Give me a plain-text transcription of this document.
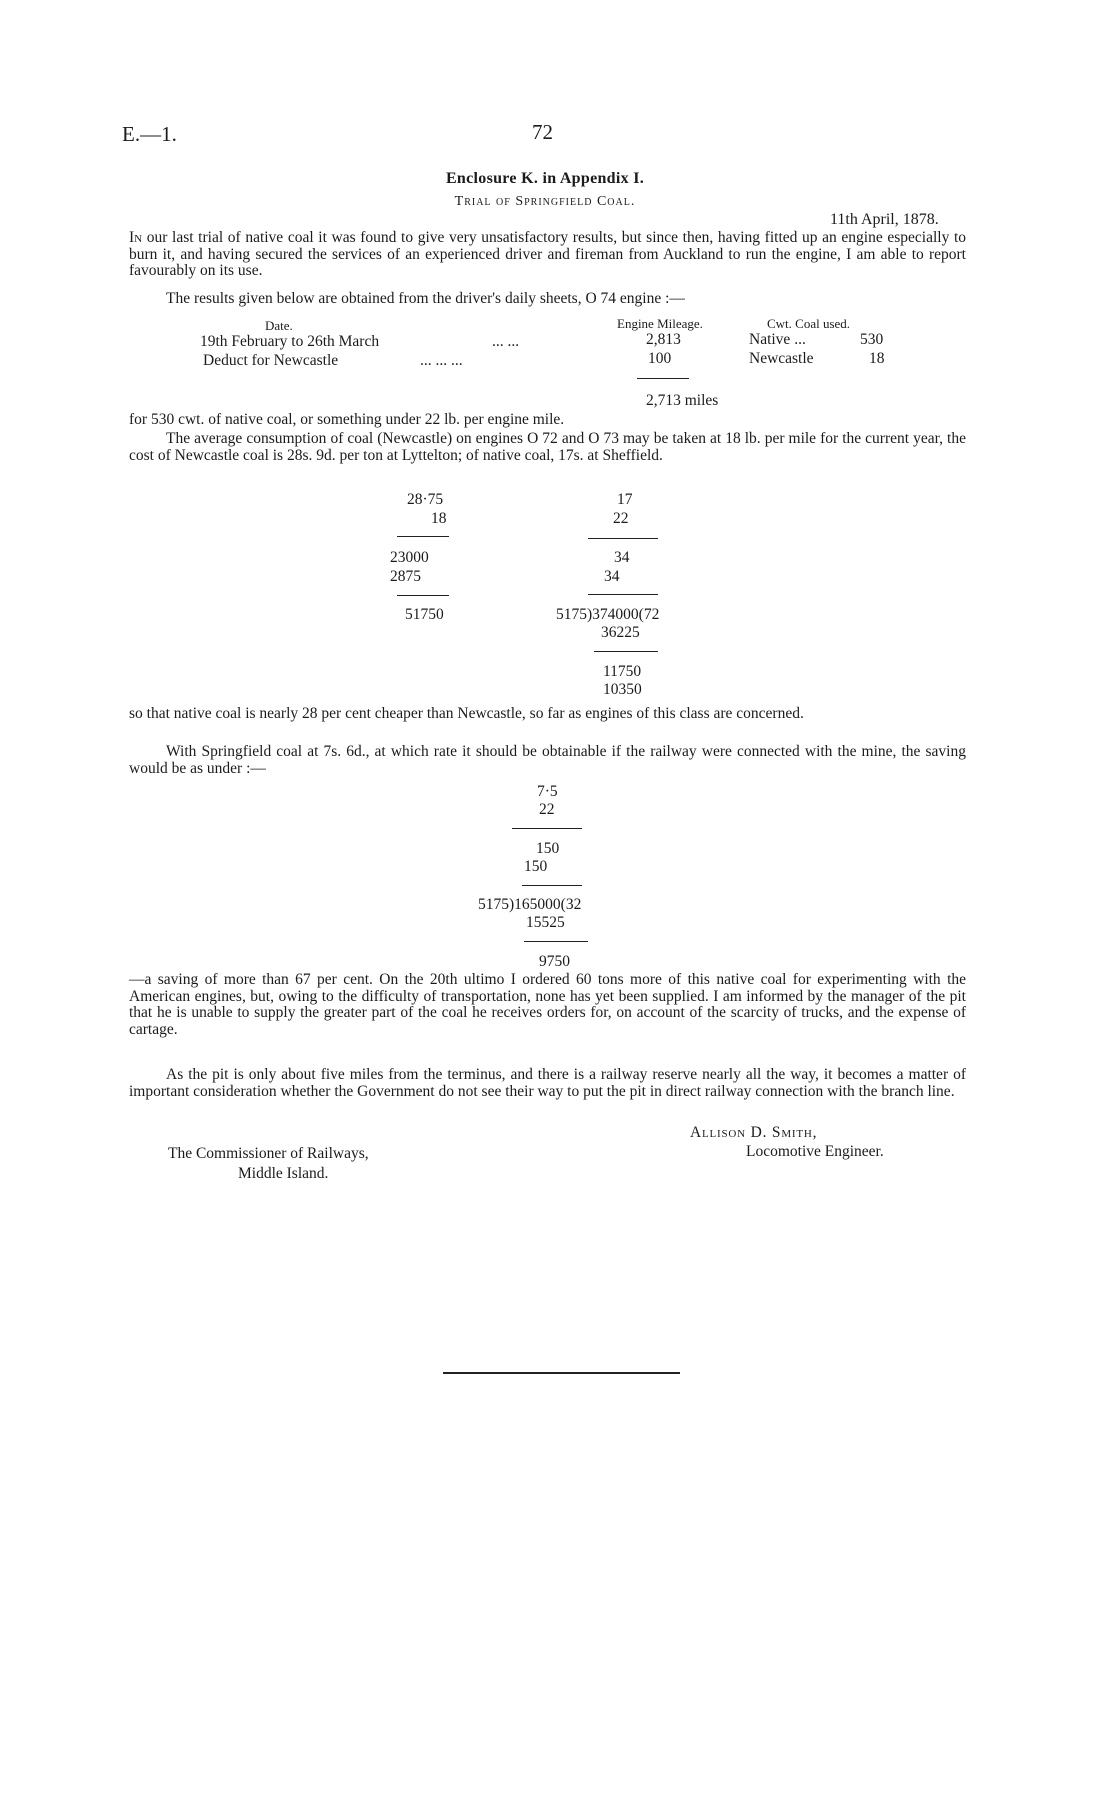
E.—1.	72
Enclosure K. in Appendix I.
Trial of Springfield Coal.
11th April, 1878.
In our last trial of native coal it was found to give very unsatisfactory results, but since then, having fitted up an engine especially to burn it, and having secured the services of an experienced driver and fireman from Auckland to run the engine, I am able to report favourably on its use.
The results given below are obtained from the driver's daily sheets, O 74 engine :—
Date.	Engine Mileage.	Cwt. Coal used.
19th February to 26th March	... ...	2,813	Native ...	530
Deduct for Newcastle	... ... ...	100	Newcastle	18
2,713 miles
for 530 cwt. of native coal, or something under 22 lb. per engine mile.
The average consumption of coal (Newcastle) on engines O 72 and O 73 may be taken at 18 lb. per mile for the current year, the cost of Newcastle coal is 28s. 9d. per ton at Lyttelton; of native coal, 17s. at Sheffield.
28·75
18
23000
2875
51750
17
22
34
34
5175)374000(72
36225
11750
10350
so that native coal is nearly 28 per cent cheaper than Newcastle, so far as engines of this class are concerned.
With Springfield coal at 7s. 6d., at which rate it should be obtainable if the railway were connected with the mine, the saving would be as under :—
7·5
22
150
150
5175)165000(32
15525
9750
—a saving of more than 67 per cent. On the 20th ultimo I ordered 60 tons more of this native coal for experimenting with the American engines, but, owing to the difficulty of transportation, none has yet been supplied. I am informed by the manager of the pit that he is unable to supply the greater part of the coal he receives orders for, on account of the scarcity of trucks, and the expense of cartage.
As the pit is only about five miles from the terminus, and there is a railway reserve nearly all the way, it becomes a matter of important consideration whether the Government do not see their way to put the pit in direct railway connection with the branch line.
Allison D. Smith,
Locomotive Engineer.
The Commissioner of Railways,
Middle Island.
